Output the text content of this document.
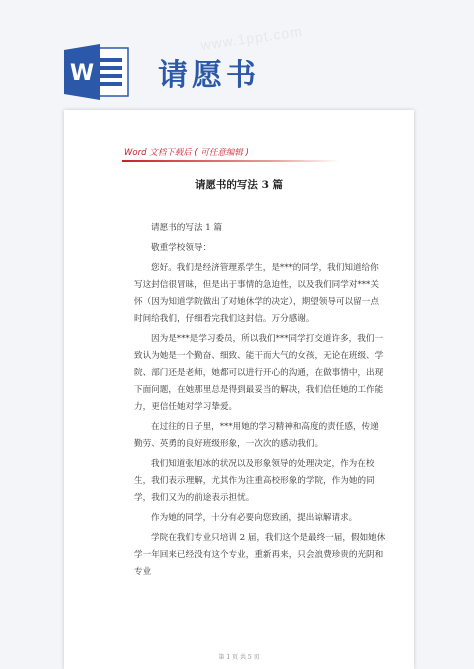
www.1ppt.com
W 请愿书
Word 文档下载后 ( 可任意编辑 )
请愿书的写法 3 篇

请愿书的写法 1 篇

敬重学校领导：

您好。我们是经济管理系学生，是***的同学，我们知道给你写这封信很冒昧，但是出于事情的急迫性，以及我们同学对***关怀（因为知道学院做出了对她休学的决定），期望领导可以留一点时间给我们，仔细看完我们这封信。万分感谢。

因为是***是学习委员，所以我们***同学打交道许多，我们一致认为她是一个勤奋、细致、能干而大气的女孩，无论在班级、学院、部门还是老师，她都可以进行开心的沟通，在做事情中，出现下面问题，在她那里总是得到最妥当的解决，我们信任她的工作能力，更信任她对学习挚爱。

在过往的日子里，***用她的学习精神和高度的责任感，传递勤劳、英勇的良好班级形象，一次次的感动我们。

我们知道张旭冰的状况以及形象领导的处理决定，作为在校生，我们表示理解，尤其作为注重高校形象的学院，作为她的同学，我们又为的前途表示担忧。

作为她的同学，十分有必要向您致函，提出谅解请求。

学院在我们专业只培训 2 届，我们这个是最终一届，假如她休学一年回来已经没有这个专业，重新再来，只会浪费珍贵的光阴和专业

第 1 页 共 5 页
